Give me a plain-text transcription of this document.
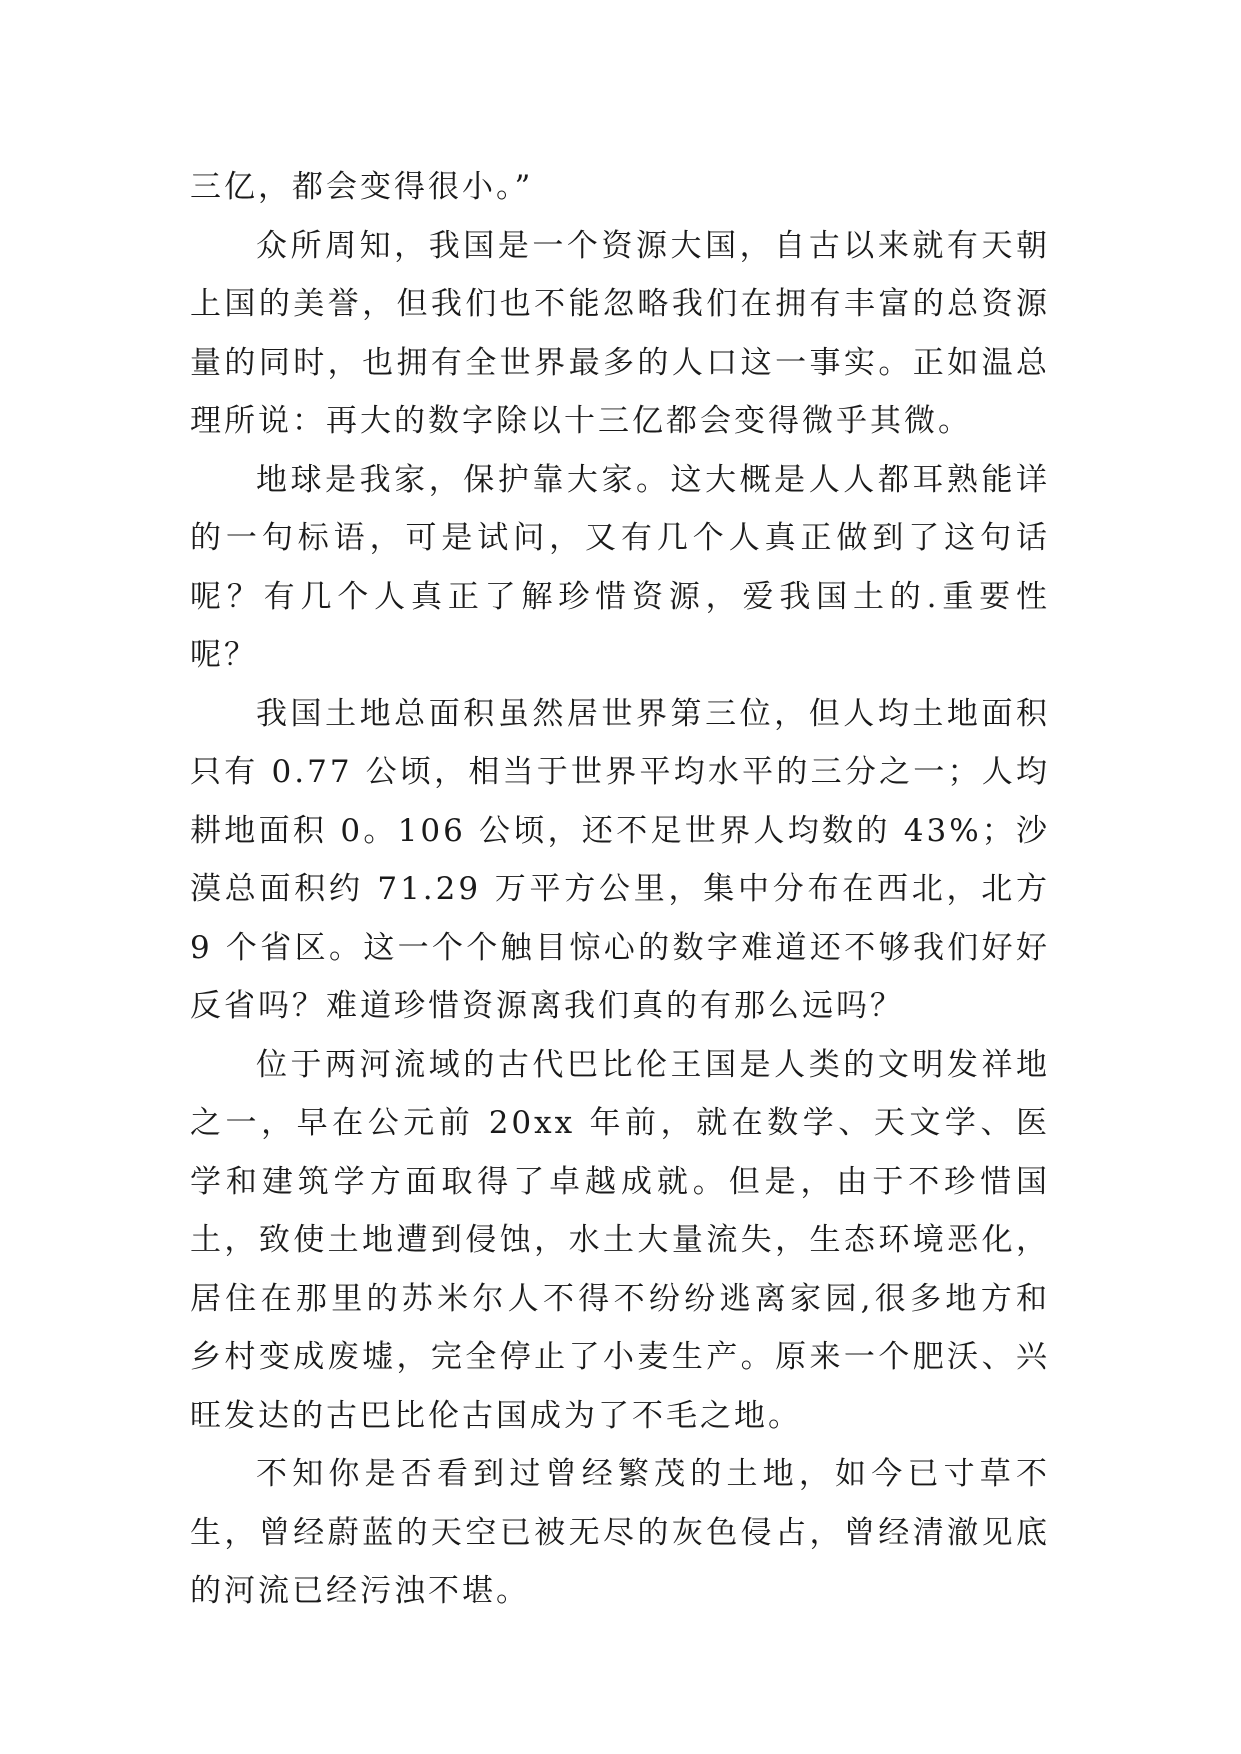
三亿，都会变得很小。”

众所周知，我国是一个资源大国，自古以来就有天朝上国的美誉，但我们也不能忽略我们在拥有丰富的总资源量的同时，也拥有全世界最多的人口这一事实。正如温总理所说：再大的数字除以十三亿都会变得微乎其微。

地球是我家，保护靠大家。这大概是人人都耳熟能详的一句标语，可是试问，又有几个人真正做到了这句话呢？有几个人真正了解珍惜资源，爱我国土的.重要性呢？

我国土地总面积虽然居世界第三位，但人均土地面积只有 0.77 公顷，相当于世界平均水平的三分之一；人均耕地面积 0。106 公顷，还不足世界人均数的 43%；沙漠总面积约 71.29 万平方公里，集中分布在西北，北方 9 个省区。这一个个触目惊心的数字难道还不够我们好好反省吗？难道珍惜资源离我们真的有那么远吗？

位于两河流域的古代巴比伦王国是人类的文明发祥地之一，早在公元前 20xx 年前，就在数学、天文学、医学和建筑学方面取得了卓越成就。但是，由于不珍惜国土，致使土地遭到侵蚀，水土大量流失，生态环境恶化，居住在那里的苏米尔人不得不纷纷逃离家园,很多地方和乡村变成废墟，完全停止了小麦生产。原来一个肥沃、兴旺发达的古巴比伦古国成为了不毛之地。

不知你是否看到过曾经繁茂的土地，如今已寸草不生，曾经蔚蓝的天空已被无尽的灰色侵占，曾经清澈见底的河流已经污浊不堪。
